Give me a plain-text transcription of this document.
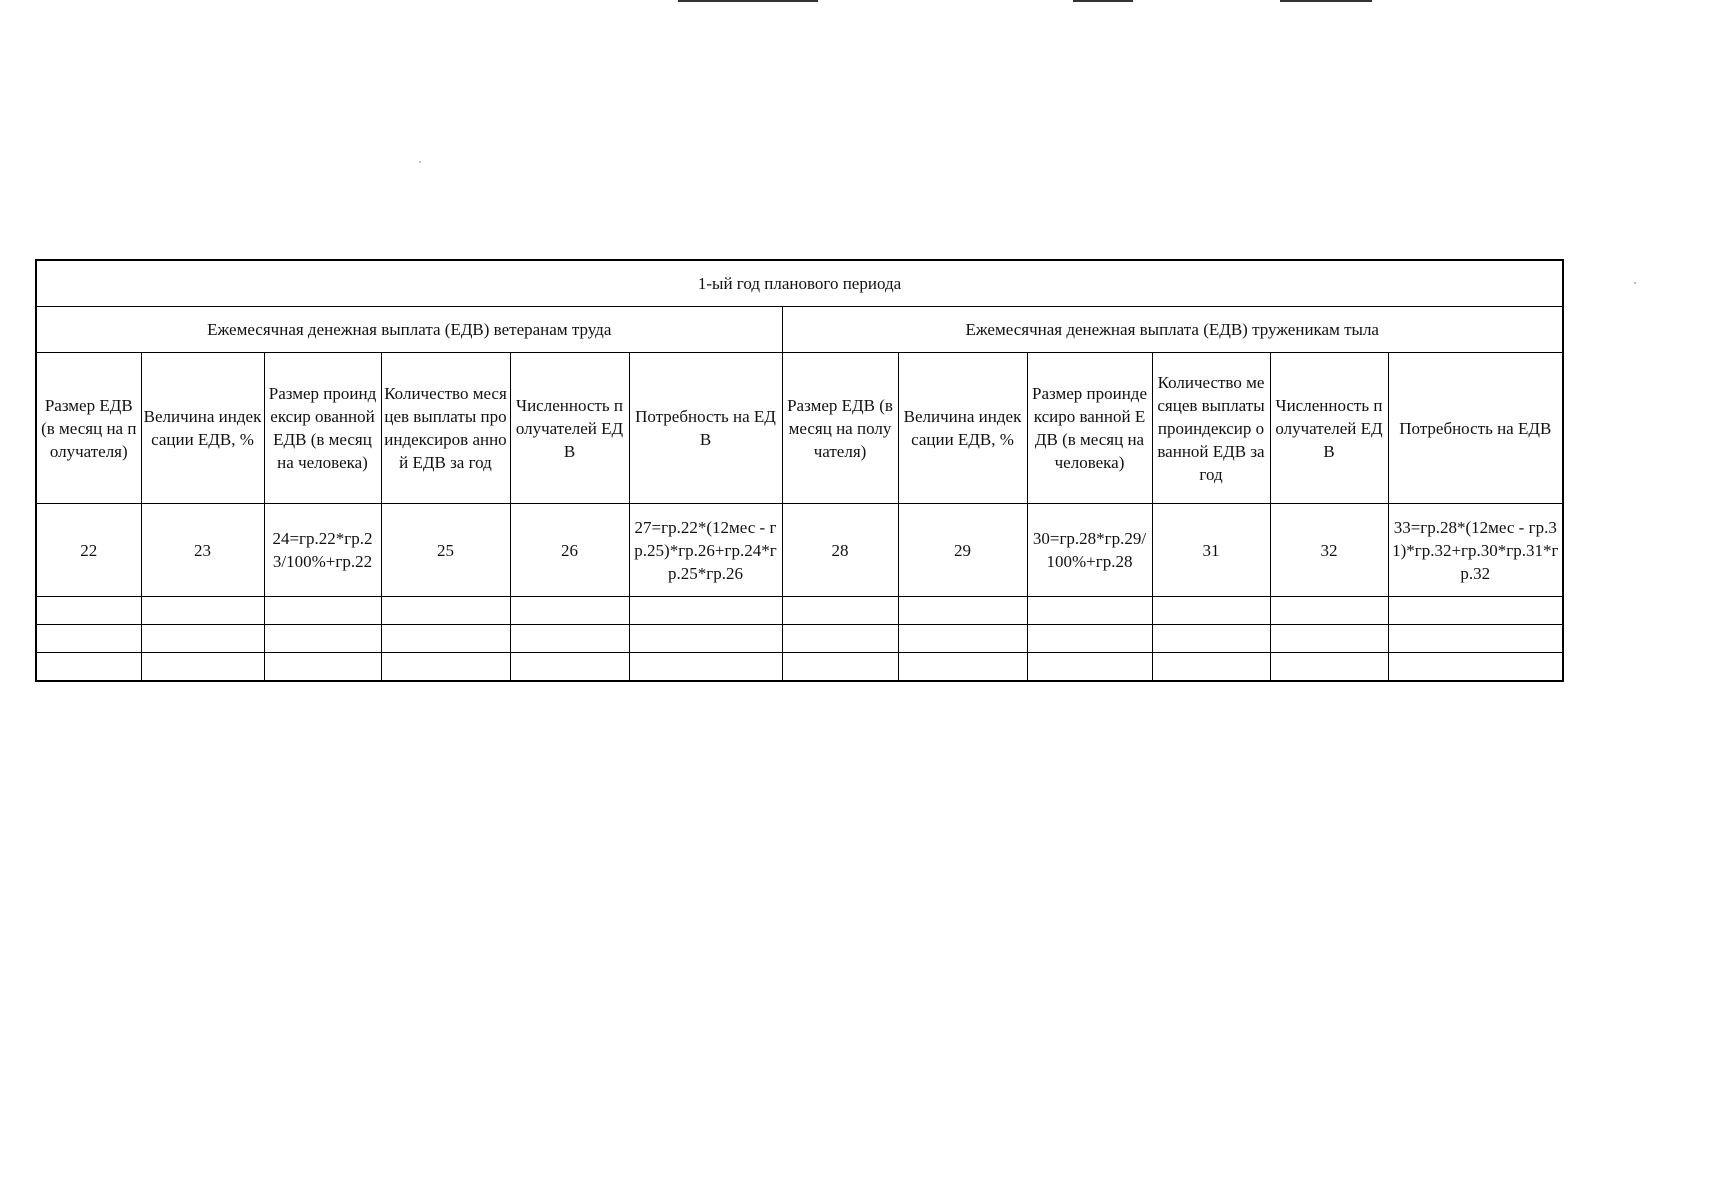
1-ый год планового периода											
Ежемесячная денежная выплата (ЕДВ) ветеранам труда						Ежемесячная денежная выплата (ЕДВ) труженикам тыла					
Размер ЕДВ (в месяц на получателя)	Величина индексации ЕДВ, %	Размер проиндексир ованной ЕДВ (в месяц на человека)	Количество месяцев выплаты проиндексиров анной ЕДВ за год	Численность получателей ЕДВ	Потребность на ЕДВ	Размер ЕДВ (в месяц на получателя)	Величина индексации ЕДВ, %	Размер проиндексиро ванной ЕДВ (в месяц на человека)	Количество месяцев выплаты проиндексир ованной ЕДВ за год	Численность получателей ЕДВ	Потребность на ЕДВ
22	23	24=гр.22*гр.23/100%+гр.22	25	26	27=гр.22*(12мес - гр.25)*гр.26+гр.24*гр.25*гр.26	28	29	30=гр.28*гр.29/100%+гр.28	31	32	33=гр.28*(12мес - гр.31)*гр.32+гр.30*гр.31*гр.32
